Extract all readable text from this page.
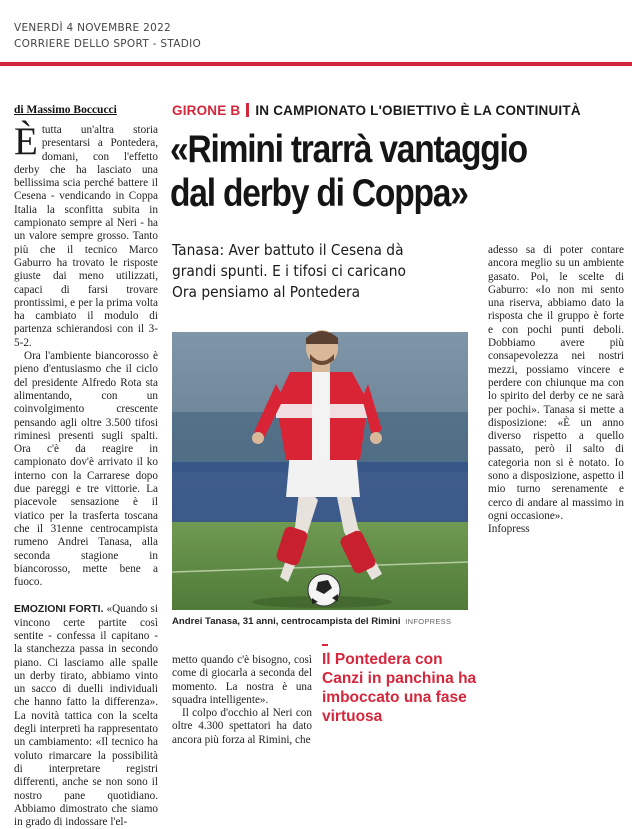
VENERDÌ 4 NOVEMBRE 2022
CORRIERE DELLO SPORT - STADIO
di Massimo Boccucci	GIRONE B IN CAMPIONATO L'OBIETTIVO È LA CONTINUITÀ
«Rimini trarrà vantaggio
dal derby di Coppa»
Tanasa: Aver battuto il Cesena dà
grandi spunti. E i tifosi ci caricano
Ora pensiamo al Pontedera

Ètutta un'altra storia presentarsi a Pontedera, domani, con l'effetto derby che ha lasciato una bellissima scia perché battere il Cesena - vendicando in Coppa Italia la sconfitta subita in campionato sempre al Neri - ha un valore sempre grosso. Tanto più che il tecnico Marco Gaburro ha trovato le risposte giuste dai meno utilizzati, capaci di farsi trovare prontissimi, e per la prima volta ha cambiato il modulo di partenza schierandosi con il 3-5-2.

Ora l'ambiente biancorosso è pieno d'entusiasmo che il ciclo del presidente Alfredo Rota sta alimentando, con un coinvolgimento crescente pensando agli oltre 3.500 tifosi riminesi presenti sugli spalti. Ora c'è da reagire in campionato dov'è arrivato il ko interno con la Carrarese dopo due pareggi e tre vittorie. La piacevole sensazione è il viatico per la trasferta toscana che il 31enne centrocampista rumeno Andrei Tanasa, alla seconda stagione in biancorosso, mette bene a fuoco.

EMOZIONI FORTI. «Quando si vincono certe partite così sentite - confessa il capitano - la stanchezza passa in secondo piano. Ci lasciamo alle spalle un derby tirato, abbiamo vinto un sacco di duelli individuali che hanno fatto la differenza». La novità tattica con la scelta degli interpreti ha rappresentato un cambiamento: «Il tecnico ha voluto rimarcare la possibilità di interpretare registri differenti, anche se non sono il nostro pane quotidiano. Abbiamo dimostrato che siamo in grado di indossare l'el-

Andrei Tanasa, 31 anni, centrocampista del Rimini INFOPRESS

metto quando c'è bisogno, così come di giocarla a seconda del momento. La nostra è una squadra intelligente».

Il colpo d'occhio al Neri con oltre 4.300 spettatori ha dato ancora più forza al Rimini, che

Il Pontedera con Canzi in panchina ha imboccato una fase virtuosa

adesso sa di poter contare ancora meglio su un ambiente gasato. Poi, le scelte di Gaburro: «Io non mi sento una riserva, abbiamo dato la risposta che il gruppo è forte e con pochi punti deboli. Dobbiamo avere più consapevolezza nei nostri mezzi, possiamo vincere e perdere con chiunque ma con lo spirito del derby ce ne sarà per pochi». Tanasa si mette a disposizione: «È un anno diverso rispetto a quello passato, però il salto di categoria non si è notato. Io sono a disposizione, aspetto il mio turno serenamente e cerco di andare al massimo in ogni occasione».

Infopress
